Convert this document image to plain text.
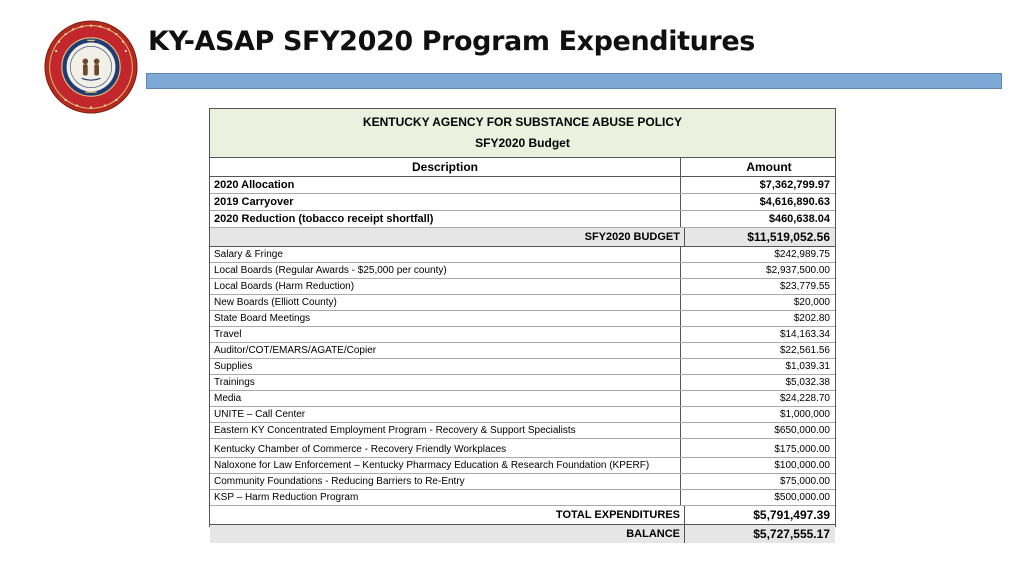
KY-ASAP SFY2020 Program Expenditures
KENTUCKY AGENCY FOR SUBSTANCE ABUSE POLICY
SFY2020 Budget
Description	Amount
2020 Allocation	$7,362,799.97
2019 Carryover	$4,616,890.63
2020 Reduction (tobacco receipt shortfall)	$460,638.04
SFY2020 BUDGET	$11,519,052.56
Salary & Fringe	$242,989.75
Local Boards (Regular Awards - $25,000 per county)	$2,937,500.00
Local Boards (Harm Reduction)	$23,779.55
New Boards (Elliott County)	$20,000
State Board Meetings	$202.80
Travel	$14,163.34
Auditor/COT/EMARS/AGATE/Copier	$22,561.56
Supplies	$1,039.31
Trainings	$5,032.38
Media	$24,228.70
UNITE – Call Center	$1,000,000
Eastern KY Concentrated Employment Program - Recovery & Support Specialists	$650,000.00
Kentucky Chamber of Commerce - Recovery Friendly Workplaces	$175,000.00
Naloxone for Law Enforcement – Kentucky Pharmacy Education & Research Foundation (KPERF)	$100,000.00
Community Foundations - Reducing Barriers to Re-Entry	$75,000.00
KSP – Harm Reduction Program	$500,000.00
TOTAL EXPENDITURES	$5,791,497.39
BALANCE	$5,727,555.17
